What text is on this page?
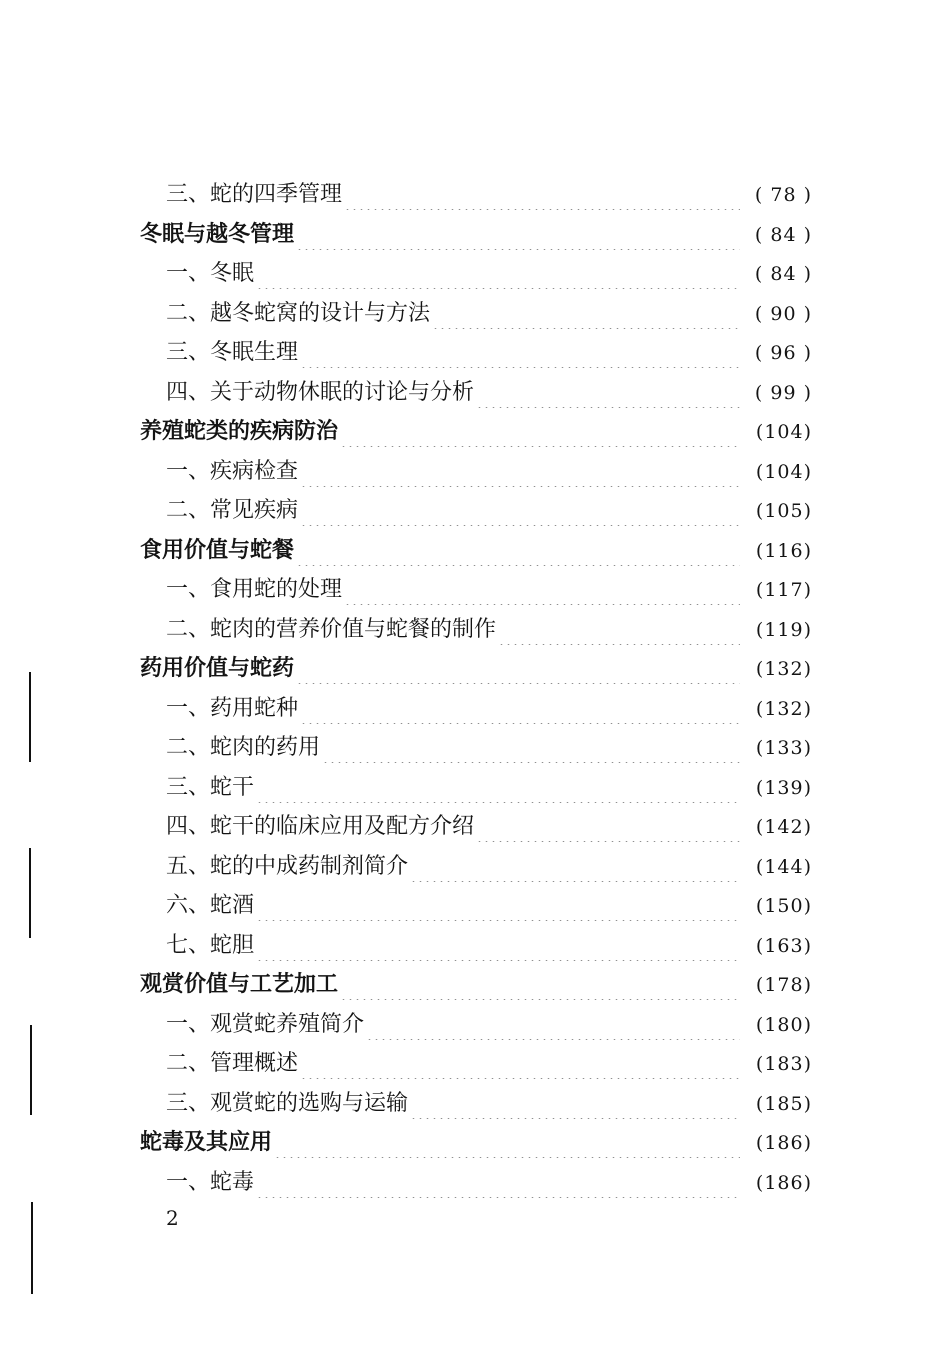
三、蛇的四季管理	( 78 )
冬眠与越冬管理	( 84 )
一、冬眠	( 84 )
二、越冬蛇窝的设计与方法	( 90 )
三、冬眠生理	( 96 )
四、关于动物休眠的讨论与分析	( 99 )
养殖蛇类的疾病防治	(104)
一、疾病检查	(104)
二、常见疾病	(105)
食用价值与蛇餐	(116)
一、食用蛇的处理	(117)
二、蛇肉的营养价值与蛇餐的制作	(119)
药用价值与蛇药	(132)
一、药用蛇种	(132)
二、蛇肉的药用	(133)
三、蛇干	(139)
四、蛇干的临床应用及配方介绍	(142)
五、蛇的中成药制剂简介	(144)
六、蛇酒	(150)
七、蛇胆	(163)
观赏价值与工艺加工	(178)
一、观赏蛇养殖简介	(180)
二、管理概述	(183)
三、观赏蛇的选购与运输	(185)
蛇毒及其应用	(186)
一、蛇毒	(186)
2
